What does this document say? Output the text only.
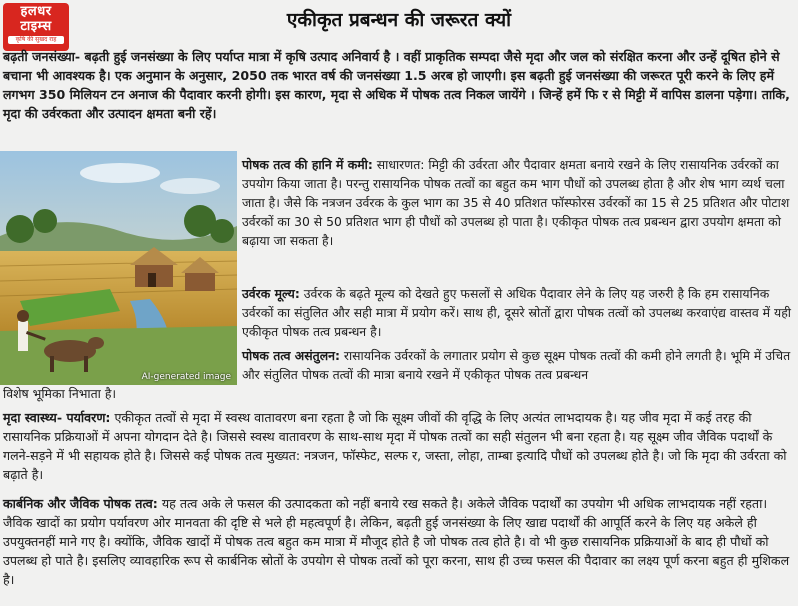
हलधर
टाइम्स
कृषि की सुखद राह
एकीकृत प्रबन्धन की जरूरत क्यों

बढ़ती जनसंख्या- बढ़ती हुई जनसंख्या के लिए पर्याप्त मात्रा में कृषि उत्पाद अनिवार्य है । वहीं प्राकृतिक सम्पदा जैसे मृदा और जल को संरक्षित करना और उन्हें दूषित होने से बचाना भी आवश्यक है। एक अनुमान के अनुसार, 2050 तक भारत वर्ष की जनसंख्या 1.5 अरब हो जाएगी। इस बढ़ती हुई जनसंख्या की जरूरत पूरी करने के लिए हमें लगभग 350 मिलियन टन अनाज की पैदावार करनी होगी। इस कारण, मृदा से अधिक में पोषक तत्व निकल जायेंगे । जिन्हें हमें फि र से मिट्टी में वापिस डालना पड़ेगा। ताकि, मृदा की उर्वरकता और उत्पादन क्षमता बनी रहें।

AI-generated image

पोषक तत्व की हानि में कमी: साधारणत: मिट्टी की उर्वरता और पैदावार क्षमता बनाये रखने के लिए रासायनिक उर्वरकों का उपयोग किया जाता है। परन्तु रासायनिक पोषक तत्वों का बहुत कम भाग पौधों को उपलब्ध होता है और शेष भाग व्यर्थ चला जाता है। जैसे कि नत्रजन उर्वरक के कुल भाग का 35 से 40 प्रतिशत फॉस्फोरस उर्वरकों का 15 से 25 प्रतिशत और पोटाश उर्वरकों का 30 से 50 प्रतिशत भाग ही पौधों को उपलब्ध हो पाता है। एकीकृत पोषक तत्व प्रबन्धन द्वारा उपयोग क्षमता को बढ़ाया जा सकता है।

उर्वरक मूल्य: उर्वरक के बढ़ते मूल्य को देखते हुए फसलों से अधिक पैदावार लेने के लिए यह जरुरी है कि हम रासायनिक उर्वरकों का संतुलित और सही मात्रा में प्रयोग करें। साथ ही, दूसरे स्रोतों द्वारा पोषक तत्वों को उपलब्ध करवाएंद्य वास्तव में यही एकीकृत पोषक तत्व प्रबन्धन है।

पोषक तत्व असंतुलन: रासायनिक उर्वरकों के लगातार प्रयोग से कुछ सूक्ष्म पोषक तत्वों की कमी होने लगती है। भूमि में उचित और संतुलित पोषक तत्वों की मात्रा बनाये रखने में एकीकृत पोषक तत्व प्रबन्धन

विशेष भूमिका निभाता है।

मृदा स्वास्थ्य- पर्यावरण: एकीकृत तत्वों से मृदा में स्वस्थ वातावरण बना रहता है जो कि सूक्ष्म जीवों की वृद्धि के लिए अत्यंत लाभदायक है। यह जीव मृदा में कई तरह की रासायनिक प्रक्रियाओं में अपना योगदान देते है। जिससे स्वस्थ वातावरण के साथ-साथ मृदा में पोषक तत्वों का सही संतुलन भी बना रहता है। यह सूक्ष्म जीव जैविक पदार्थों के गलने-सड़ने में भी सहायक होते है। जिससे कई पोषक तत्व मुख्यत: नत्रजन, फॉस्फेट, सल्फ र, जस्ता, लोहा, ताम्बा इत्यादि पौधों को उपलब्ध होते है। जो कि मृदा की उर्वरता को बढ़ाते है।

कार्बनिक और जैविक पोषक तत्व: यह तत्व अके ले फसल की उत्पादकता को नहीं बनाये रख सकते है। अकेले जैविक पदार्थों का उपयोग भी अधिक लाभदायक नहीं रहता। जैविक खादों का प्रयोग पर्यावरण ओर मानवता की दृष्टि से भले ही महत्वपूर्ण है। लेकिन, बढ़ती हुई जनसंख्या के लिए खाद्य पदार्थों की आपूर्ति करने के लिए यह अकेले ही उपयुक्तनहीं माने गए है। क्योंकि, जैविक खादों में पोषक तत्व बहुत कम मात्रा में मौजूद होते है जो पोषक तत्व होते है। वो भी कुछ रासायनिक प्रक्रियाओं के बाद ही पौधों को उपलब्ध हो पाते है। इसलिए व्यावहारिक रूप से कार्बनिक स्रोतों के उपयोग से पोषक तत्वों को पूरा करना, साथ ही उच्च फसल की पैदावार का लक्ष्य पूर्ण करना बहुत ही मुशिकल है।
